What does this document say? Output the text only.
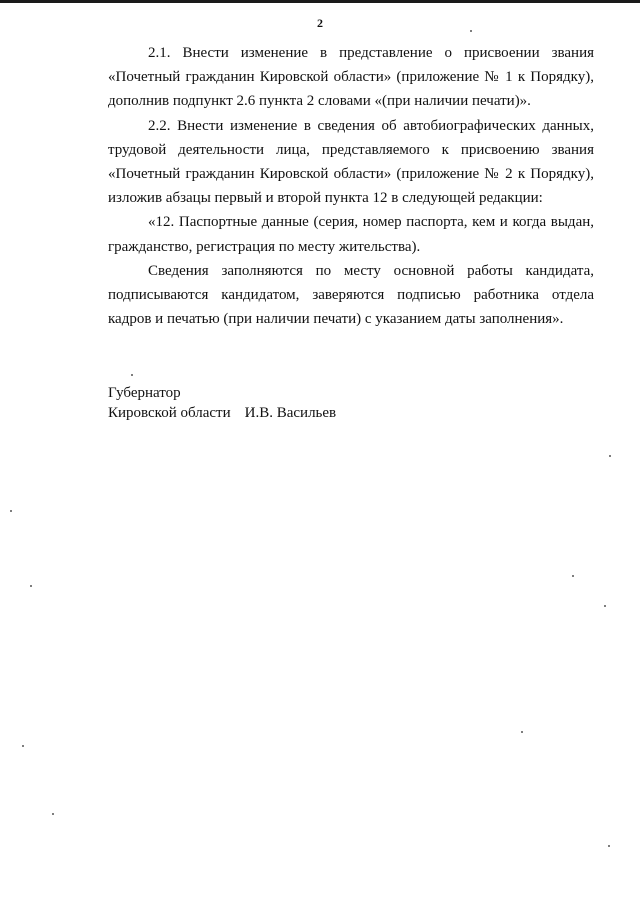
2

2.1. Внести изменение в представление о присвоении звания «Почетный гражданин Кировской области» (приложение № 1 к Порядку), дополнив подпункт 2.6 пункта 2 словами «(при наличии печати)».

2.2. Внести изменение в сведения об автобиографических данных, трудовой деятельности лица, представляемого к присвоению звания «Почетный гражданин Кировской области» (приложение № 2 к Порядку), изложив абзацы первый и второй пункта 12 в следующей редакции:

«12. Паспортные данные (серия, номер паспорта, кем и когда выдан, гражданство, регистрация по месту жительства).

Сведения заполняются по месту основной работы кандидата, подписываются кандидатом, заверяются подписью работника отдела кадров и печатью (при наличии печати) с указанием даты заполнения».

Губернатор
Кировской области И.В. Васильев
